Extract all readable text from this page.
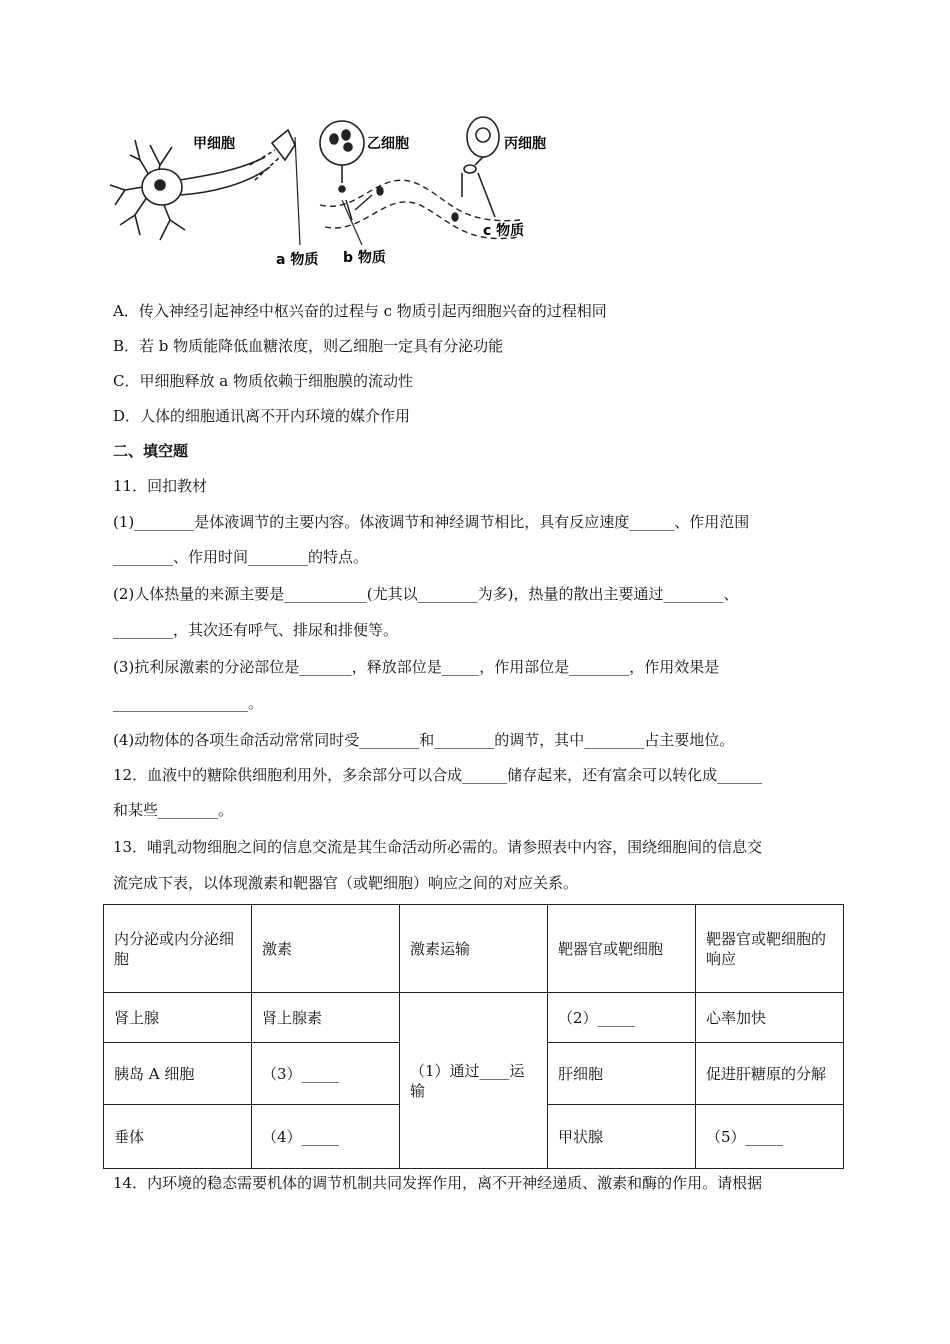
甲细胞	乙细胞	丙细胞
a 物质 b 物质
c 物质
A．传入神经引起神经中枢兴奋的过程与 c 物质引起丙细胞兴奋的过程相同
B．若 b 物质能降低血糖浓度，则乙细胞一定具有分泌功能
C．甲细胞释放 a 物质依赖于细胞膜的流动性
D．人体的细胞通讯离不开内环境的媒介作用
二、填空题
11．回扣教材
(1)________是体液调节的主要内容。体液调节和神经调节相比，具有反应速度______、作用范围
________、作用时间________的特点。
(2)人体热量的来源主要是___________(尤其以________为多)，热量的散出主要通过________、
________，其次还有呼气、排尿和排便等。
(3)抗利尿激素的分泌部位是_______，释放部位是_____，作用部位是________，作用效果是
__________________。
(4)动物体的各项生命活动常常同时受________和________的调节，其中________占主要地位。
12．血液中的糖除供细胞利用外，多余部分可以合成______储存起来，还有富余可以转化成______
和某些________。
13．哺乳动物细胞之间的信息交流是其生命活动所必需的。请参照表中内容，围绕细胞间的信息交
流完成下表，以体现激素和靶器官（或靶细胞）响应之间的对应关系。
内分泌或内分泌细胞	激素	激素运输	靶器官或靶细胞	靶器官或靶细胞的响应
肾上腺	肾上腺素	（1）通过____运输	（2）_____	心率加快
胰岛 A 细胞	（3）_____		肝细胞	促进肝糖原的分解
垂体	（4）_____		甲状腺	（5）_____
14．内环境的稳态需要机体的调节机制共同发挥作用，离不开神经递质、激素和酶的作用。请根据
